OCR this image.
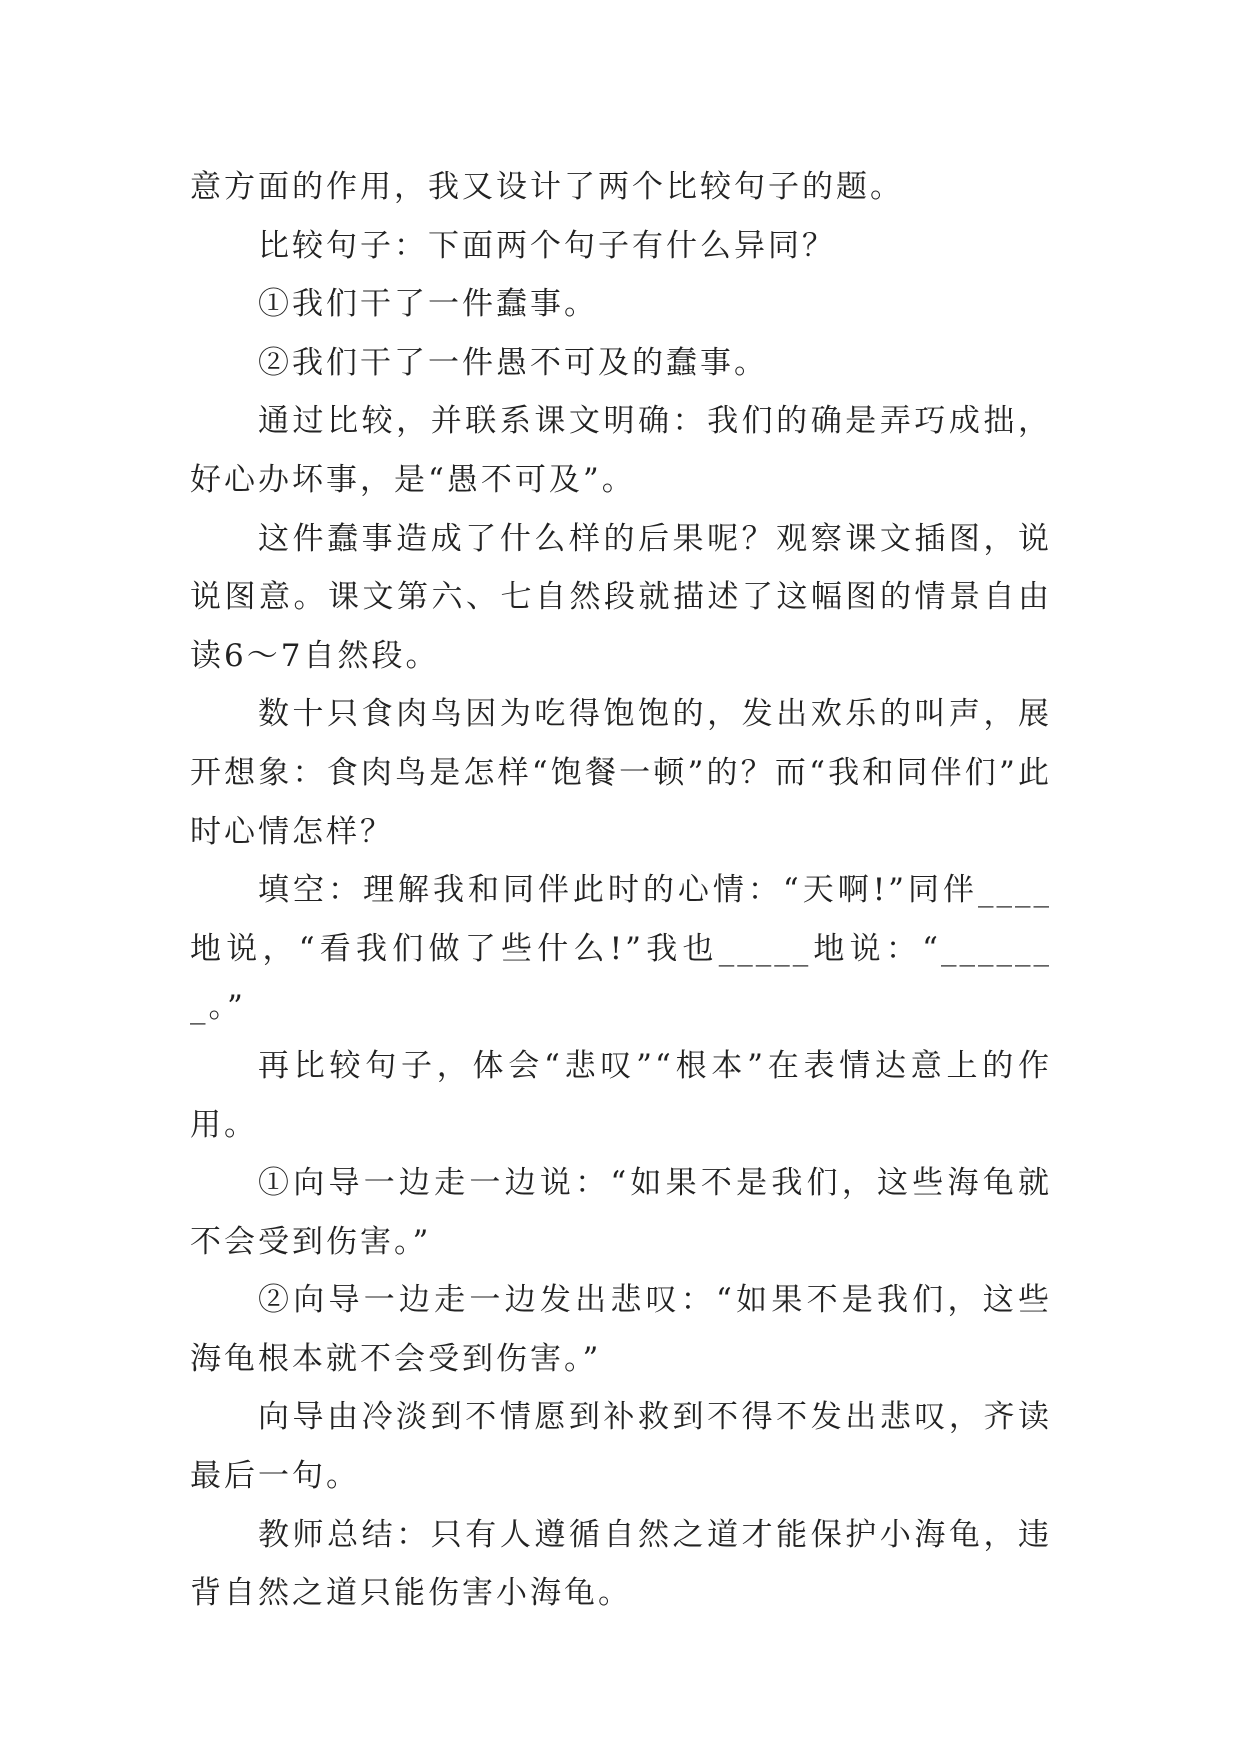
意方面的作用，我又设计了两个比较句子的题。

比较句子：下面两个句子有什么异同？

①我们干了一件蠢事。

②我们干了一件愚不可及的蠢事。

通过比较，并联系课文明确：我们的确是弄巧成拙，好心办坏事，是“愚不可及”。

这件蠢事造成了什么样的后果呢？观察课文插图，说说图意。课文第六、七自然段就描述了这幅图的情景自由读6～7自然段。

数十只食肉鸟因为吃得饱饱的，发出欢乐的叫声，展开想象：食肉鸟是怎样“饱餐一顿”的？而“我和同伴们”此时心情怎样？

填空：理解我和同伴此时的心情：“天啊!”同伴____地说，“看我们做了些什么!”我也_____地说：“_______。”

再比较句子，体会“悲叹”“根本”在表情达意上的作用。

①向导一边走一边说：“如果不是我们，这些海龟就不会受到伤害。”

②向导一边走一边发出悲叹：“如果不是我们，这些海龟根本就不会受到伤害。”

向导由冷淡到不情愿到补救到不得不发出悲叹，齐读最后一句。

教师总结：只有人遵循自然之道才能保护小海龟，违背自然之道只能伤害小海龟。
